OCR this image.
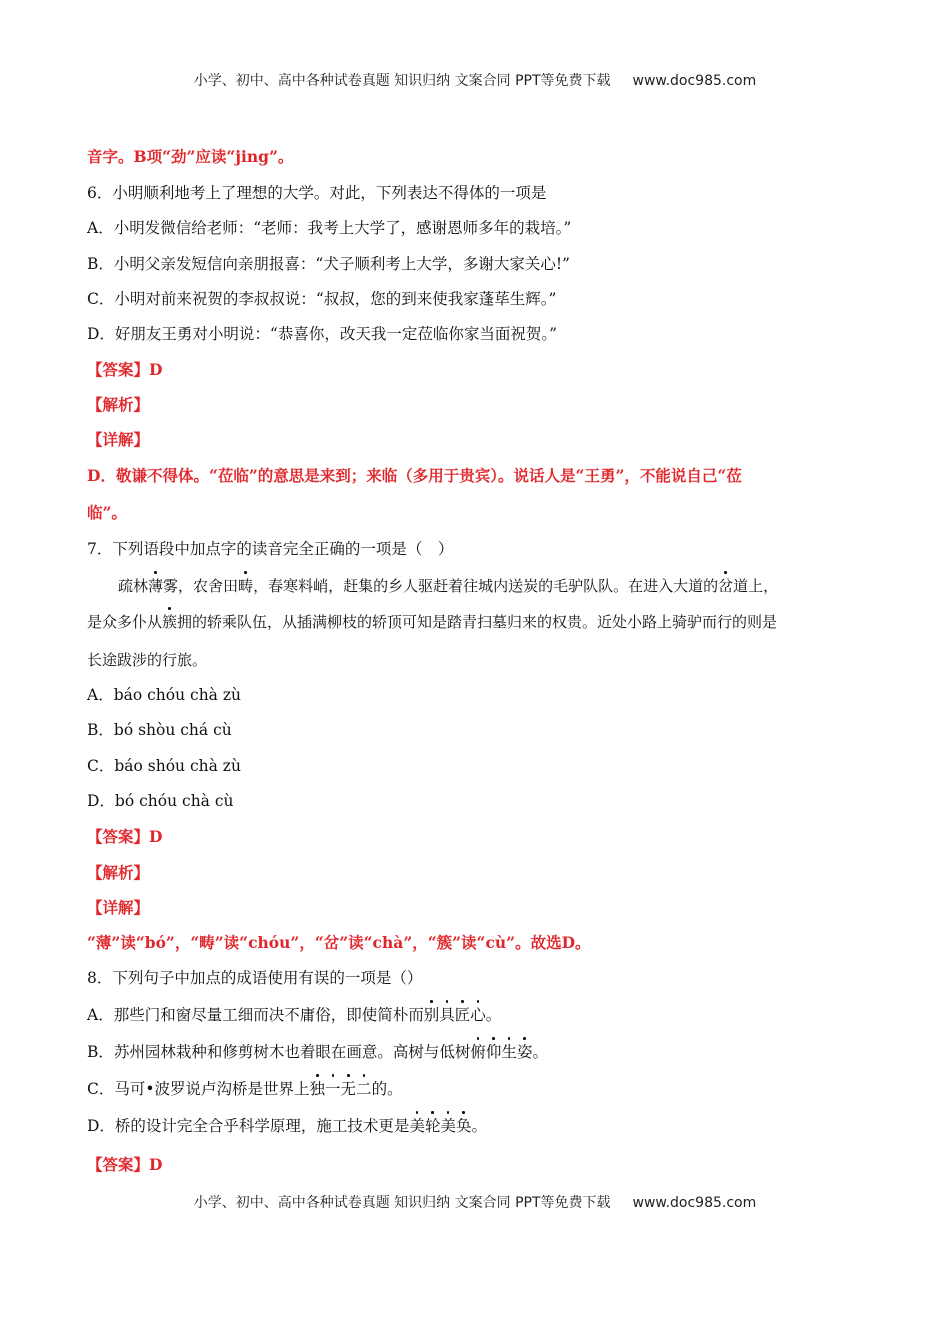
小学、初中、高中各种试卷真题 知识归纳 文案合同 PPT等免费下载 www.doc985.com
音字。B项“劲”应读“jing”。
6．小明顺利地考上了理想的大学。对此，下列表达不得体的一项是
A．小明发微信给老师：“老师：我考上大学了，感谢恩师多年的栽培。”
B．小明父亲发短信向亲朋报喜：“犬子顺利考上大学，多谢大家关心!”
C．小明对前来祝贺的李叔叔说：“叔叔，您的到来使我家蓬荜生辉。”
D．好朋友王勇对小明说：“恭喜你，改天我一定莅临你家当面祝贺。”
【答案】D
【解析】
【详解】
D．敬谦不得体。“莅临”的意思是来到；来临（多用于贵宾）。说话人是“王勇”，不能说自己“莅
临”。
7．下列语段中加点字的读音完全正确的一项是（　）
疏林薄雾，农舍田畴，春寒料峭，赶集的乡人驱赶着往城内送炭的毛驴队队。在进入大道的岔道上，
是众多仆从簇拥的轿乘队伍，从插满柳枝的轿顶可知是踏青扫墓归来的权贵。近处小路上骑驴而行的则是
长途跋涉的行旅。
A．báo chóu chà zù
B．bó shòu chá cù
C．báo shóu chà zù
D．bó chóu chà cù
【答案】D
【解析】
【详解】
“薄”读“bó”，“畴”读“chóu”，“岔”读“chà”，“簇”读“cù”。故选D。
8．下列句子中加点的成语使用有误的一项是（）
A．那些门和窗尽量工细而决不庸俗，即使简朴而别具匠心。
B．苏州园林栽种和修剪树木也着眼在画意。高树与低树俯仰生姿。
C．马可•波罗说卢沟桥是世界上独一无二的。
D．桥的设计完全合乎科学原理，施工技术更是美轮美奂。
【答案】D
小学、初中、高中各种试卷真题 知识归纳 文案合同 PPT等免费下载 www.doc985.com
